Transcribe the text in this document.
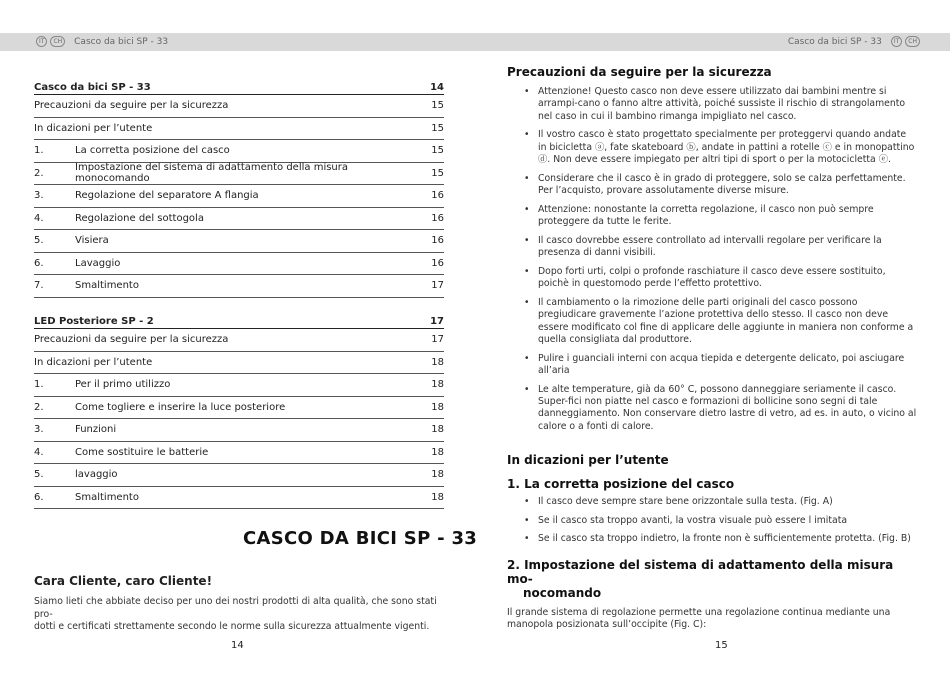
IT	CH	Casco da bici SP - 33	Casco da bici SP - 33	IT	CH
Casco da bici SP - 33	14
Precauzioni da seguire per la sicurezza	15
In dicazioni per l’utente	15
1.	La corretta posizione del casco	15
2.	Impostazione del sistema di adattamento della misura monocomando	15
3.	Regolazione del separatore A flangia	16
4.	Regolazione del sottogola	16
5.	Visiera	16
6.	Lavaggio	16
7.	Smaltimento	17
LED Posteriore SP - 2	17
Precauzioni da seguire per la sicurezza	17
In dicazioni per l’utente	18
1.	Per il primo utilizzo	18
2.	Come togliere e inserire la luce posteriore	18
3.	Funzioni	18
4.	Come sostituire le batterie	18
5.	lavaggio	18
6.	Smaltimento	18
CASCO DA BICI SP - 33
Cara Cliente, caro Cliente!
Siamo lieti che abbiate deciso per uno dei nostri prodotti di alta qualità, che sono stati pro-
dotti e certificati strettamente secondo le norme sulla sicurezza attualmente vigenti.
14
Precauzioni da seguire per la sicurezza
• Attenzione! Questo casco non deve essere utilizzato dai bambini mentre si arrampi-cano o fanno altre attività, poiché sussiste il rischio di strangolamento nel caso in cui il bambino rimanga impigliato nel casco.
• Il vostro casco è stato progettato specialmente per proteggervi quando andate in bicicletta ⓐ, fate skateboard ⓑ, andate in pattini a rotelle ⓒ e in monopattino ⓓ. Non deve essere impiegato per altri tipi di sport o per la motocicletta ⓔ.
• Considerare che il casco è in grado di proteggere, solo se calza perfettamente. Per l’acquisto, provare assolutamente diverse misure.
• Attenzione: nonostante la corretta regolazione, il casco non può sempre proteggere da tutte le ferite.
• Il casco dovrebbe essere controllato ad intervalli regolare per verificare la presenza di danni visibili.
• Dopo forti urti, colpi o profonde raschiature il casco deve essere sostituito, poichè in questomodo perde l’effetto protettivo.
• Il cambiamento o la rimozione delle parti originali del casco possono pregiudicare gravemente l’azione protettiva dello stesso. Il casco non deve essere modificato col fine di applicare delle aggiunte in maniera non conforme a quella consigliata dal produttore.
• Pulire i guanciali interni con acqua tiepida e detergente delicato, poi asciugare all’aria
• Le alte temperature, già da 60° C, possono danneggiare seriamente il casco. Super-fici non piatte nel casco e formazioni di bollicine sono segni di tale danneggiamento. Non conservare dietro lastre di vetro, ad es. in auto, o vicino al calore o a fonti di calore.
In dicazioni per l’utente
1. La corretta posizione del casco
• Il casco deve sempre stare bene orizzontale sulla testa. (Fig. A)
• Se il casco sta troppo avanti, la vostra visuale può essere l imitata
• Se il casco sta troppo indietro, la fronte non è sufficientemente protetta. (Fig. B)
2. Impostazione del sistema di adattamento della misura mo-
nocomando
Il grande sistema di regolazione permette una regolazione continua mediante una manopola posizionata sull’occipite (Fig. C):
15
